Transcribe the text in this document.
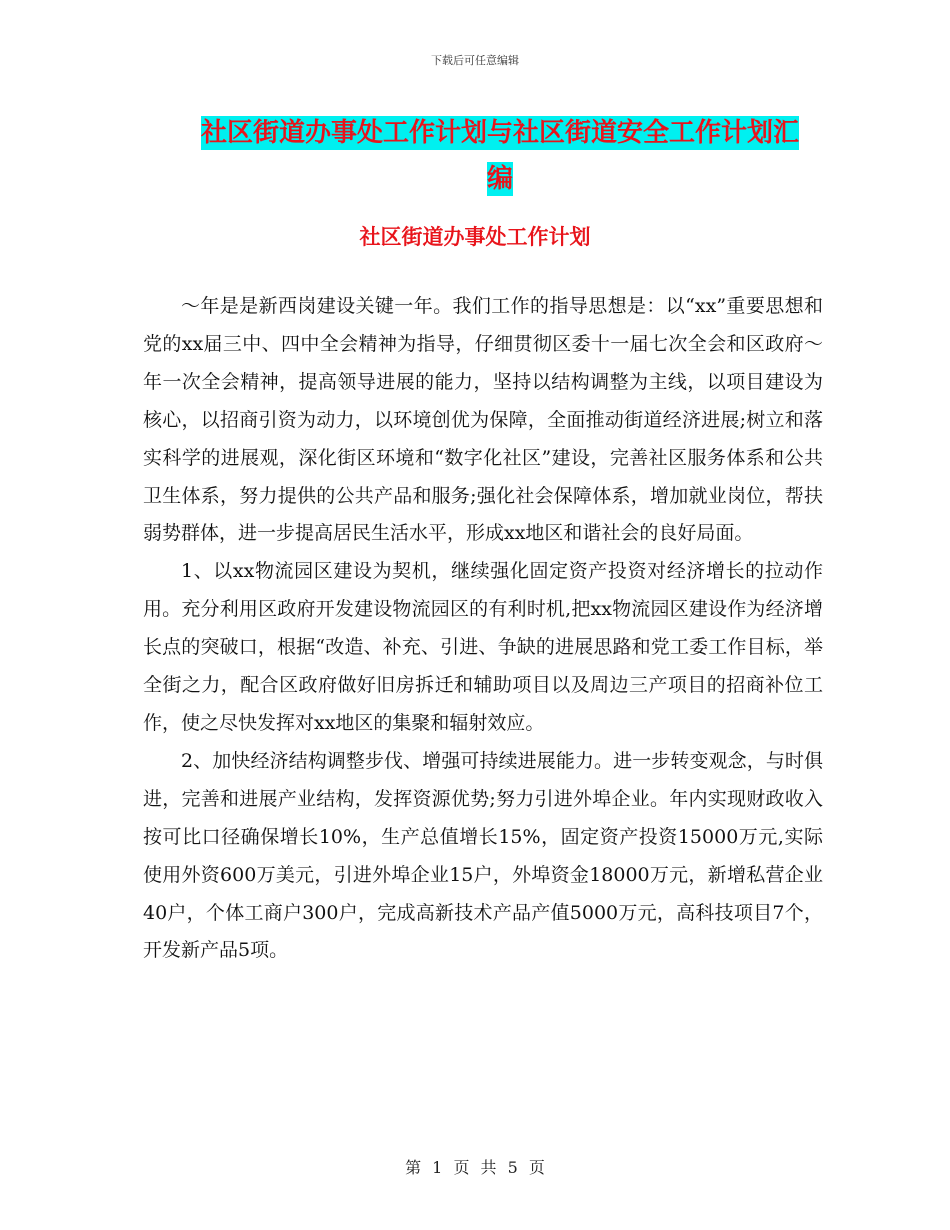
下载后可任意编辑
社区街道办事处工作计划与社区街道安全工作计划汇编
社区街道办事处工作计划

～年是是新西岗建设关键一年。我们工作的指导思想是：以“xx”重要思想和党的xx届三中、四中全会精神为指导，仔细贯彻区委十一届七次全会和区政府～年一次全会精神，提高领导进展的能力，坚持以结构调整为主线，以项目建设为核心，以招商引资为动力，以环境创优为保障，全面推动街道经济进展;树立和落实科学的进展观，深化街区环境和“数字化社区”建设，完善社区服务体系和公共卫生体系，努力提供的公共产品和服务;强化社会保障体系，增加就业岗位，帮扶弱势群体，进一步提高居民生活水平，形成xx地区和谐社会的良好局面。

1、以xx物流园区建设为契机，继续强化固定资产投资对经济增长的拉动作用。充分利用区政府开发建设物流园区的有利时机,把xx物流园区建设作为经济增长点的突破口，根据“改造、补充、引进、争缺的进展思路和党工委工作目标，举全街之力，配合区政府做好旧房拆迁和辅助项目以及周边三产项目的招商补位工作，使之尽快发挥对xx地区的集聚和辐射效应。

2、加快经济结构调整步伐、增强可持续进展能力。进一步转变观念，与时俱进，完善和进展产业结构，发挥资源优势;努力引进外埠企业。年内实现财政收入按可比口径确保增长10%，生产总值增长15%，固定资产投资15000万元,实际使用外资600万美元，引进外埠企业15户，外埠资金18000万元，新增私营企业40户，个体工商户300户，完成高新技术产品产值5000万元，高科技项目7个，开发新产品5项。

第 1 页 共 5 页
